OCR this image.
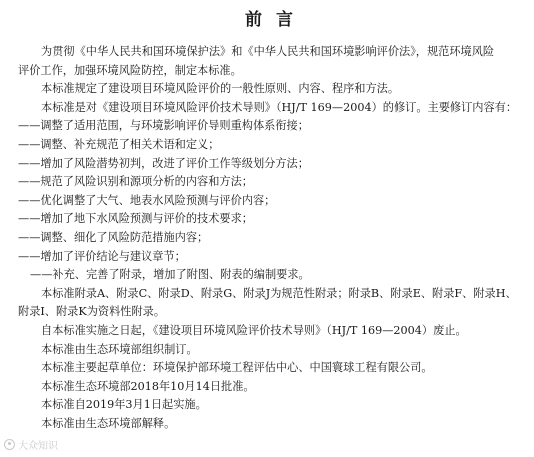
前言

为贯彻《中华人民共和国环境保护法》和《中华人民共和国环境影响评价法》，规范环境风险

评价工作，加强环境风险防控，制定本标准。

本标准规定了建设项目环境风险评价的一般性原则、内容、程序和方法。

本标准是对《建设项目环境风险评价技术导则》（HJ/T 169—2004）的修订。主要修订内容有：

——调整了适用范围，与环境影响评价导则重构体系衔接；

——调整、补充规范了相关术语和定义；

——增加了风险潜势初判，改进了评价工作等级划分方法；

——规范了风险识别和源项分析的内容和方法；

——优化调整了大气、地表水风险预测与评价内容；

——增加了地下水风险预测与评价的技术要求；

——调整、细化了风险防范措施内容；

——增加了评价结论与建议章节；

——补充、完善了附录，增加了附图、附表的编制要求。

本标准附录A、附录C、附录D、附录G、附录J为规范性附录；附录B、附录E、附录F、附录H、

附录I、附录K为资料性附录。

自本标准实施之日起，《建设项目环境风险评价技术导则》（HJ/T 169—2004）废止。

本标准由生态环境部组织制订。

本标准主要起草单位：环境保护部环境工程评估中心、中国寰球工程有限公司。

本标准生态环境部2018年10月14日批准。

本标准自2019年3月1日起实施。

本标准由生态环境部解释。

大众知识
